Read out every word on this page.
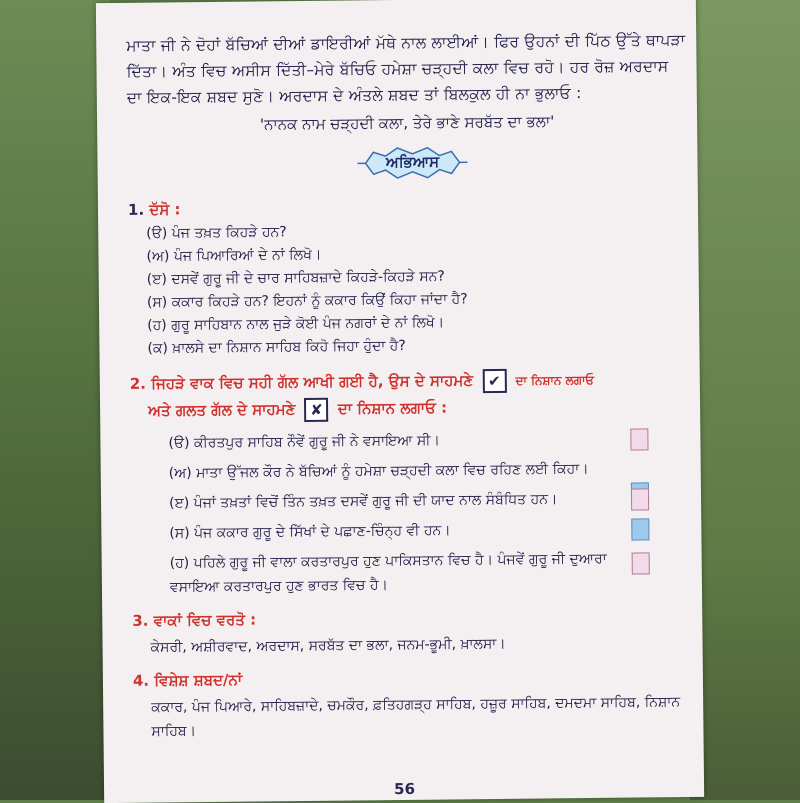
ਮਾਤਾ ਜੀ ਨੇ ਦੋਹਾਂ ਬੱਚਿਆਂ ਦੀਆਂ ਡਾਇਰੀਆਂ ਮੱਥੇ ਨਾਲ ਲਾਈਆਂ। ਫਿਰ ਉਹਨਾਂ ਦੀ ਪਿੱਠ ਉੱਤੇ ਥਾਪੜਾ ਦਿੱਤਾ। ਅੰਤ ਵਿਚ ਅਸੀਸ ਦਿੱਤੀ–ਮੇਰੇ ਬੱਚਿਓ ਹਮੇਸ਼ਾ ਚੜ੍ਹਦੀ ਕਲਾ ਵਿਚ ਰਹੋ। ਹਰ ਰੋਜ਼ ਅਰਦਾਸ ਦਾ ਇਕ-ਇਕ ਸ਼ਬਦ ਸੁਣੋ। ਅਰਦਾਸ ਦੇ ਅੰਤਲੇ ਸ਼ਬਦ ਤਾਂ ਬਿਲਕੁਲ ਹੀ ਨਾ ਭੁਲਾਓ :

'ਨਾਨਕ ਨਾਮ ਚੜ੍ਹਦੀ ਕਲਾ, ਤੇਰੇ ਭਾਣੇ ਸਰਬੱਤ ਦਾ ਭਲਾ'
ਅਭਿਆਸ
1. ਦੱਸੋ :
(ੳ) ਪੰਜ ਤਖ਼ਤ ਕਿਹੜੇ ਹਨ?
(ਅ) ਪੰਜ ਪਿਆਰਿਆਂ ਦੇ ਨਾਂ ਲਿਖੋ।
(ੲ) ਦਸਵੇਂ ਗੁਰੂ ਜੀ ਦੇ ਚਾਰ ਸਾਹਿਬਜ਼ਾਦੇ ਕਿਹੜੇ-ਕਿਹੜੇ ਸਨ?
(ਸ) ਕਕਾਰ ਕਿਹੜੇ ਹਨ? ਇਹਨਾਂ ਨੂੰ ਕਕਾਰ ਕਿਉਂ ਕਿਹਾ ਜਾਂਦਾ ਹੈ?
(ਹ) ਗੁਰੂ ਸਾਹਿਬਾਨ ਨਾਲ ਜੁੜੇ ਕੋਈ ਪੰਜ ਨਗਰਾਂ ਦੇ ਨਾਂ ਲਿਖੋ।
(ਕ) ਖ਼ਾਲਸੇ ਦਾ ਨਿਸ਼ਾਨ ਸਾਹਿਬ ਕਿਹੋ ਜਿਹਾ ਹੁੰਦਾ ਹੈ?
2. ਜਿਹੜੇ ਵਾਕ ਵਿਚ ਸਹੀ ਗੱਲ ਆਖੀ ਗਈ ਹੈ, ਉਸ ਦੇ ਸਾਹਮਣੇ ✔ ਦਾ ਨਿਸ਼ਾਨ ਲਗਾਓ
ਅਤੇ ਗਲਤ ਗੱਲ ਦੇ ਸਾਹਮਣੇ ✘ ਦਾ ਨਿਸ਼ਾਨ ਲਗਾਓ :
(ੳ) ਕੀਰਤਪੁਰ ਸਾਹਿਬ ਨੌਵੇਂ ਗੁਰੂ ਜੀ ਨੇ ਵਸਾਇਆ ਸੀ।
(ਅ) ਮਾਤਾ ਉੱਜਲ ਕੌਰ ਨੇ ਬੱਚਿਆਂ ਨੂੰ ਹਮੇਸ਼ਾ ਚੜ੍ਹਦੀ ਕਲਾ ਵਿਚ ਰਹਿਣ ਲਈ ਕਿਹਾ।
(ੲ) ਪੰਜਾਂ ਤਖ਼ਤਾਂ ਵਿਚੋਂ ਤਿੰਨ ਤਖ਼ਤ ਦਸਵੇਂ ਗੁਰੂ ਜੀ ਦੀ ਯਾਦ ਨਾਲ ਸੰਬੰਧਿਤ ਹਨ।
(ਸ) ਪੰਜ ਕਕਾਰ ਗੁਰੂ ਦੇ ਸਿੱਖਾਂ ਦੇ ਪਛਾਣ-ਚਿੰਨ੍ਹ ਵੀ ਹਨ।
(ਹ) ਪਹਿਲੇ ਗੁਰੂ ਜੀ ਵਾਲਾ ਕਰਤਾਰਪੁਰ ਹੁਣ ਪਾਕਿਸਤਾਨ ਵਿਚ ਹੈ। ਪੰਜਵੇਂ ਗੁਰੂ ਜੀ ਦੁਆਰਾ ਵਸਾਇਆ ਕਰਤਾਰਪੁਰ ਹੁਣ ਭਾਰਤ ਵਿਚ ਹੈ।
3. ਵਾਕਾਂ ਵਿਚ ਵਰਤੋ :
ਕੇਸਰੀ, ਅਸ਼ੀਰਵਾਦ, ਅਰਦਾਸ, ਸਰਬੱਤ ਦਾ ਭਲਾ, ਜਨਮ-ਭੂਮੀ, ਖ਼ਾਲਸਾ।
4. ਵਿਸ਼ੇਸ਼ ਸ਼ਬਦ/ਨਾਂ
ਕਕਾਰ, ਪੰਜ ਪਿਆਰੇ, ਸਾਹਿਬਜ਼ਾਦੇ, ਚਮਕੌਰ, ਫ਼ਤਿਹਗੜ੍ਹ ਸਾਹਿਬ, ਹਜ਼ੂਰ ਸਾਹਿਬ, ਦਮਦਮਾ ਸਾਹਿਬ, ਨਿਸ਼ਾਨ ਸਾਹਿਬ।
56
